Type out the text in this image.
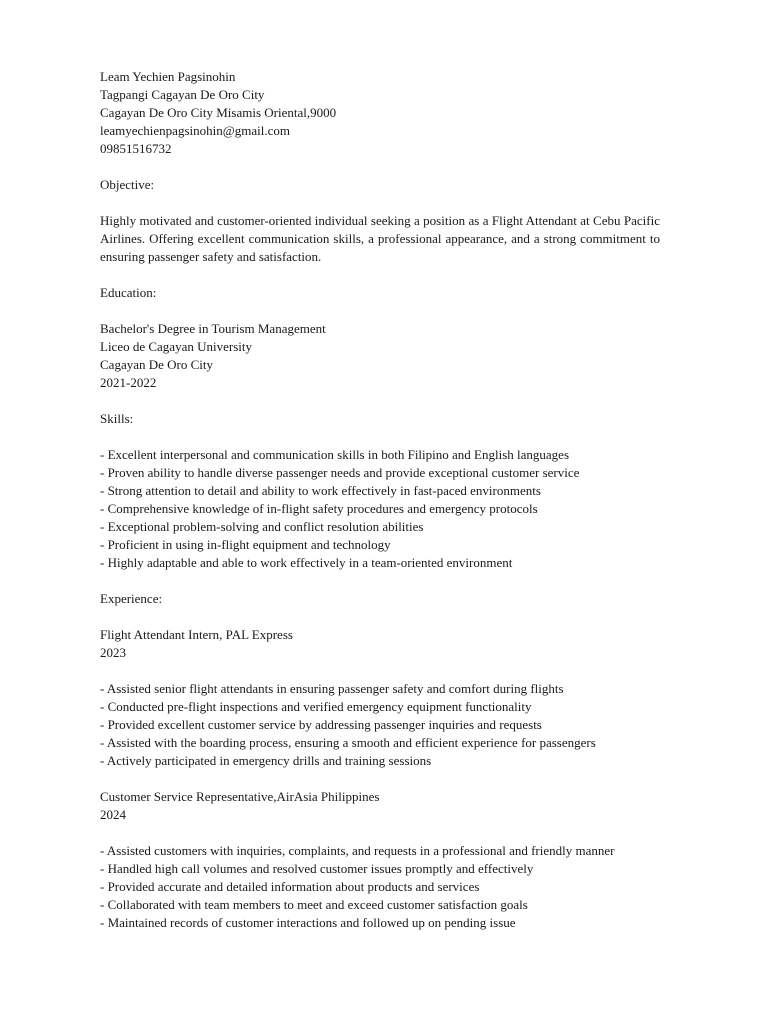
Leam Yechien Pagsinohin
Tagpangi Cagayan De Oro City
Cagayan De Oro City Misamis Oriental,9000
leamyechienpagsinohin@gmail.com
09851516732
Objective:
Highly motivated and customer-oriented individual seeking a position as a Flight Attendant at Cebu Pacific Airlines. Offering excellent communication skills, a professional appearance, and a strong commitment to ensuring passenger safety and satisfaction.
Education:
Bachelor's Degree in Tourism Management
Liceo de Cagayan University
Cagayan De Oro City
2021-2022
Skills:
- Excellent interpersonal and communication skills in both Filipino and English languages
- Proven ability to handle diverse passenger needs and provide exceptional customer service
- Strong attention to detail and ability to work effectively in fast-paced environments
- Comprehensive knowledge of in-flight safety procedures and emergency protocols
- Exceptional problem-solving and conflict resolution abilities
- Proficient in using in-flight equipment and technology
- Highly adaptable and able to work effectively in a team-oriented environment
Experience:
Flight Attendant Intern, PAL Express
2023
- Assisted senior flight attendants in ensuring passenger safety and comfort during flights
- Conducted pre-flight inspections and verified emergency equipment functionality
- Provided excellent customer service by addressing passenger inquiries and requests
- Assisted with the boarding process, ensuring a smooth and efficient experience for passengers
- Actively participated in emergency drills and training sessions
Customer Service Representative,AirAsia Philippines
2024
- Assisted customers with inquiries, complaints, and requests in a professional and friendly manner
- Handled high call volumes and resolved customer issues promptly and effectively
- Provided accurate and detailed information about products and services
- Collaborated with team members to meet and exceed customer satisfaction goals
- Maintained records of customer interactions and followed up on pending issue
